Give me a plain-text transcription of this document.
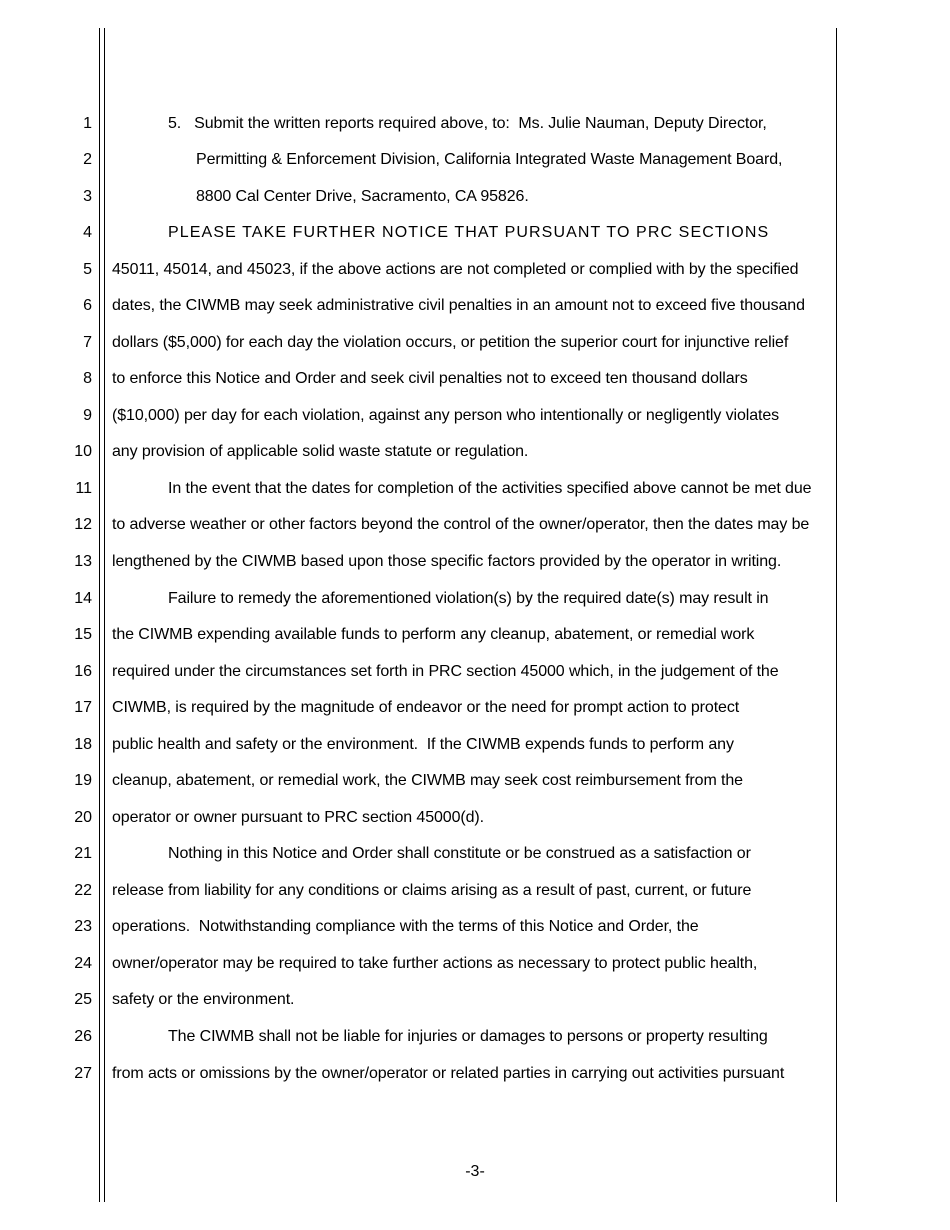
1
2
3
4
5
6
7
8
9
10
11
12
13
14
15
16
17
18
19
20
21
22
23
24
25
26
27
5.   Submit the written reports required above, to:  Ms. Julie Nauman, Deputy Director,
Permitting & Enforcement Division, California Integrated Waste Management Board,
8800 Cal Center Drive, Sacramento, CA 95826.
PLEASE TAKE FURTHER NOTICE THAT PURSUANT TO PRC SECTIONS
45011, 45014, and 45023, if the above actions are not completed or complied with by the specified
dates, the CIWMB may seek administrative civil penalties in an amount not to exceed five thousand
dollars ($5,000) for each day the violation occurs, or petition the superior court for injunctive relief
to enforce this Notice and Order and seek civil penalties not to exceed ten thousand dollars
($10,000) per day for each violation, against any person who intentionally or negligently violates
any provision of applicable solid waste statute or regulation.
In the event that the dates for completion of the activities specified above cannot be met due
to adverse weather or other factors beyond the control of the owner/operator, then the dates may be
lengthened by the CIWMB based upon those specific factors provided by the operator in writing.
Failure to remedy the aforementioned violation(s) by the required date(s) may result in
the CIWMB expending available funds to perform any cleanup, abatement, or remedial work
required under the circumstances set forth in PRC section 45000 which, in the judgement of the
CIWMB, is required by the magnitude of endeavor or the need for prompt action to protect
public health and safety or the environment.  If the CIWMB expends funds to perform any
cleanup, abatement, or remedial work, the CIWMB may seek cost reimbursement from the
operator or owner pursuant to PRC section 45000(d).
Nothing in this Notice and Order shall constitute or be construed as a satisfaction or
release from liability for any conditions or claims arising as a result of past, current, or future
operations.  Notwithstanding compliance with the terms of this Notice and Order, the
owner/operator may be required to take further actions as necessary to protect public health,
safety or the environment.
The CIWMB shall not be liable for injuries or damages to persons or property resulting
from acts or omissions by the owner/operator or related parties in carrying out activities pursuant
-3-
